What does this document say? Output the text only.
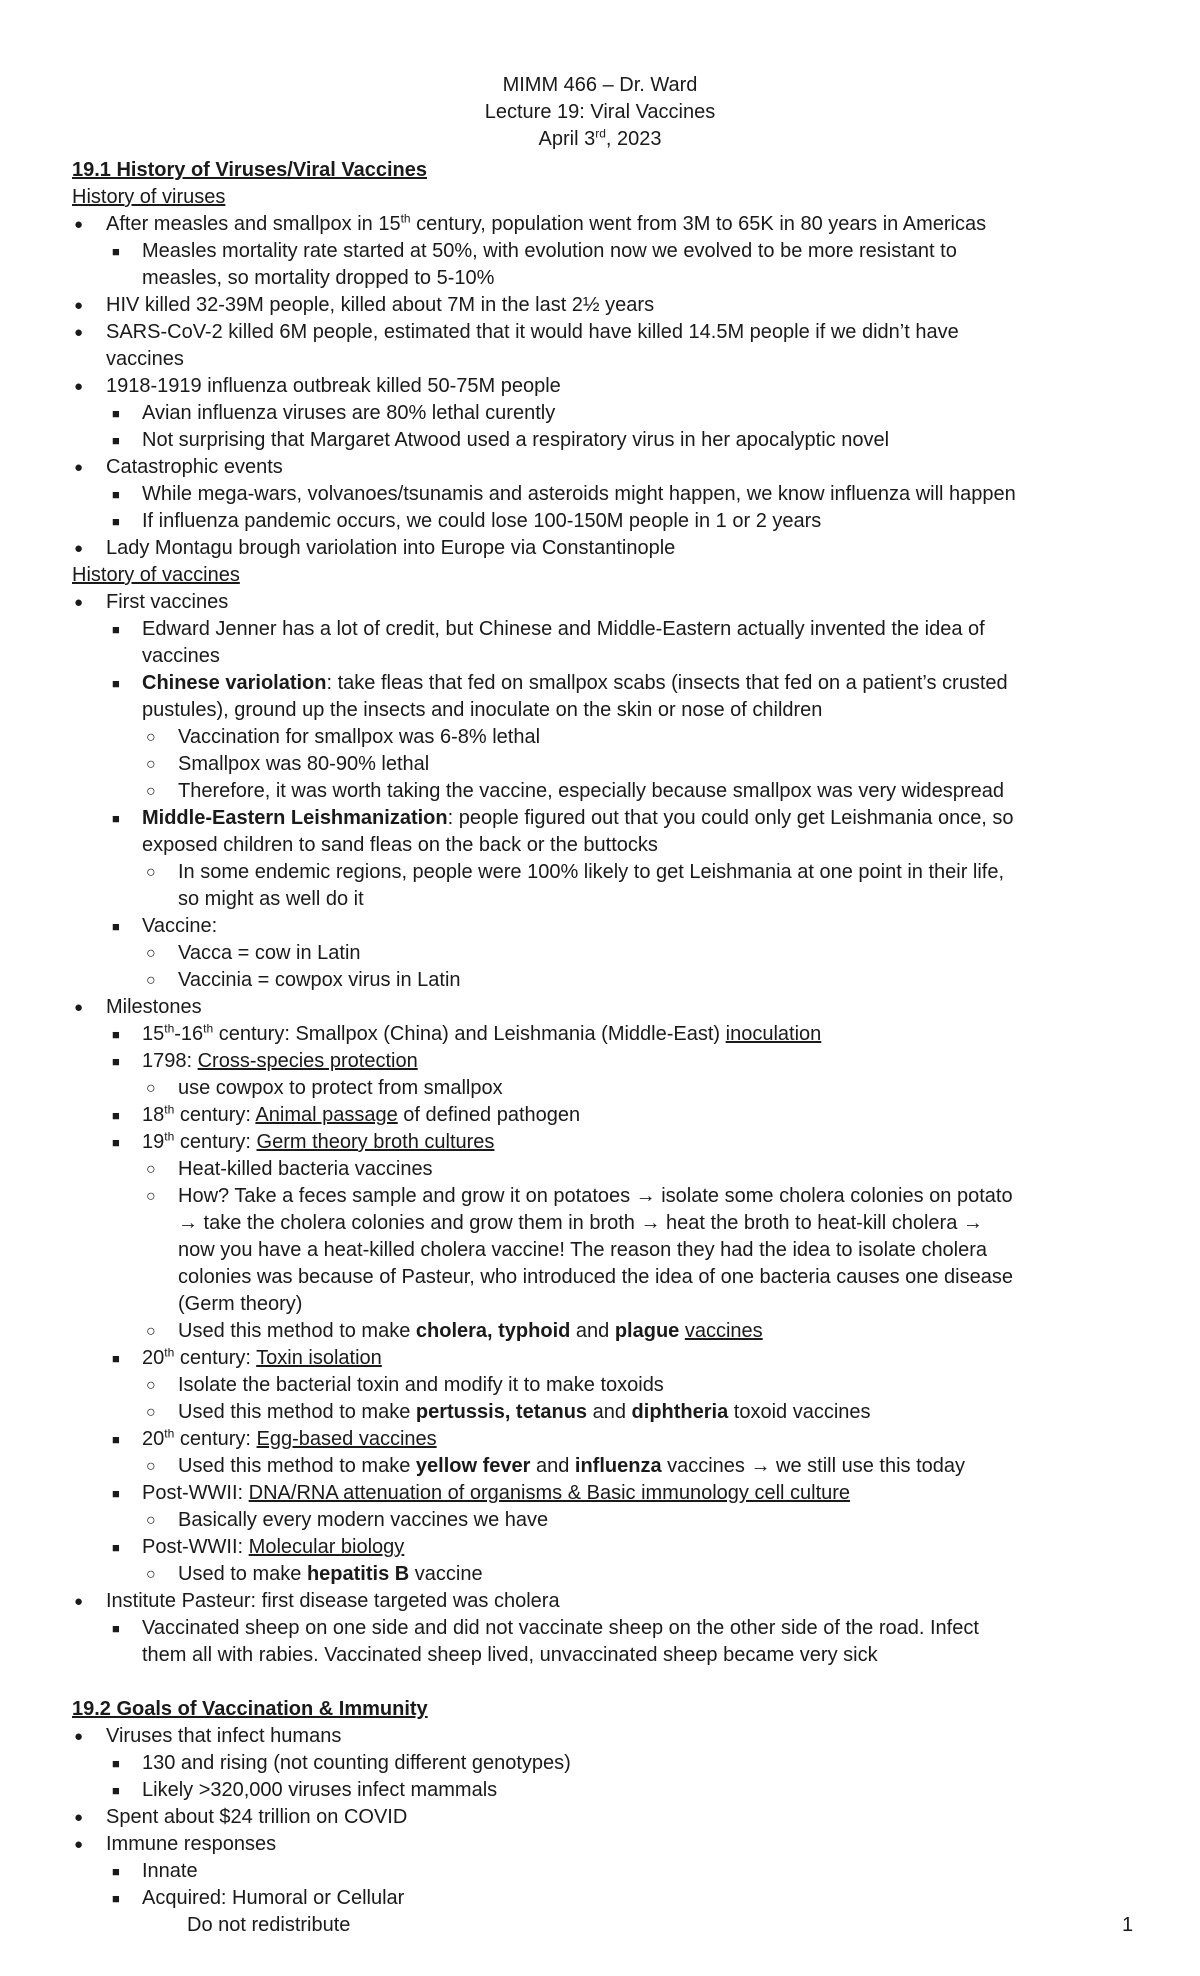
MIMM 466 – Dr. Ward
Lecture 19: Viral Vaccines
April 3rd, 2023
19.1 History of Viruses/Viral Vaccines
History of viruses
● After measles and smallpox in 15th century, population went from 3M to 65K in 80 years in Americas
■ Measles mortality rate started at 50%, with evolution now we evolved to be more resistant to
measles, so mortality dropped to 5-10%
● HIV killed 32-39M people, killed about 7M in the last 2½ years
● SARS-CoV-2 killed 6M people, estimated that it would have killed 14.5M people if we didn’t have
vaccines
● 1918-1919 influenza outbreak killed 50-75M people
■ Avian influenza viruses are 80% lethal curently
■ Not surprising that Margaret Atwood used a respiratory virus in her apocalyptic novel
● Catastrophic events
■ While mega-wars, volvanoes/tsunamis and asteroids might happen, we know influenza will happen
■ If influenza pandemic occurs, we could lose 100-150M people in 1 or 2 years
● Lady Montagu brough variolation into Europe via Constantinople
History of vaccines
● First vaccines
■ Edward Jenner has a lot of credit, but Chinese and Middle-Eastern actually invented the idea of
vaccines
■ Chinese variolation: take fleas that fed on smallpox scabs (insects that fed on a patient’s crusted
pustules), ground up the insects and inoculate on the skin or nose of children
○ Vaccination for smallpox was 6-8% lethal
○ Smallpox was 80-90% lethal
○ Therefore, it was worth taking the vaccine, especially because smallpox was very widespread
■ Middle-Eastern Leishmanization: people figured out that you could only get Leishmania once, so
exposed children to sand fleas on the back or the buttocks
○ In some endemic regions, people were 100% likely to get Leishmania at one point in their life,
so might as well do it
■ Vaccine:
○ Vacca = cow in Latin
○ Vaccinia = cowpox virus in Latin
● Milestones
■ 15th-16th century: Smallpox (China) and Leishmania (Middle-East) inoculation
■ 1798: Cross-species protection
○ use cowpox to protect from smallpox
■ 18th century: Animal passage of defined pathogen
■ 19th century: Germ theory broth cultures
○ Heat-killed bacteria vaccines
○ How? Take a feces sample and grow it on potatoes → isolate some cholera colonies on potato
→ take the cholera colonies and grow them in broth → heat the broth to heat-kill cholera →
now you have a heat-killed cholera vaccine! The reason they had the idea to isolate cholera
colonies was because of Pasteur, who introduced the idea of one bacteria causes one disease
(Germ theory)
○ Used this method to make cholera, typhoid and plague vaccines
■ 20th century: Toxin isolation
○ Isolate the bacterial toxin and modify it to make toxoids
○ Used this method to make pertussis, tetanus and diphtheria toxoid vaccines
■ 20th century: Egg-based vaccines
○ Used this method to make yellow fever and influenza vaccines → we still use this today
■ Post-WWII: DNA/RNA attenuation of organisms & Basic immunology cell culture
○ Basically every modern vaccines we have
■ Post-WWII: Molecular biology
○ Used to make hepatitis B vaccine
● Institute Pasteur: first disease targeted was cholera
■ Vaccinated sheep on one side and did not vaccinate sheep on the other side of the road. Infect
them all with rabies. Vaccinated sheep lived, unvaccinated sheep became very sick
19.2 Goals of Vaccination & Immunity
● Viruses that infect humans
■ 130 and rising (not counting different genotypes)
■ Likely >320,000 viruses infect mammals
● Spent about $24 trillion on COVID
● Immune responses
■ Innate
■ Acquired: Humoral or Cellular
Do not redistribute	1
